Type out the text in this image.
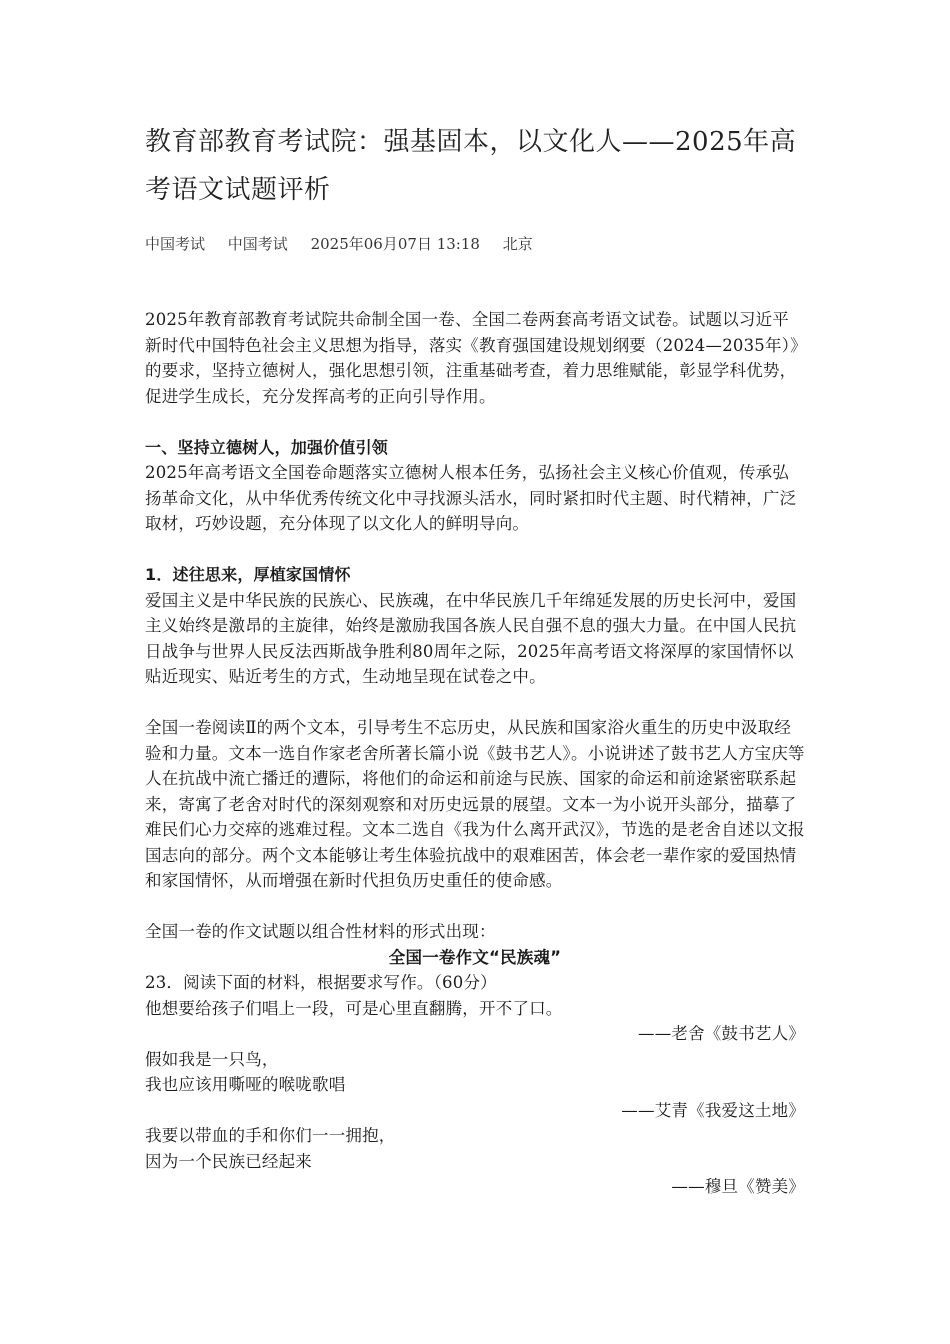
教育部教育考试院：强基固本，以文化人——2025年高考语文试题评析
中国考试 中国考试 2025年06月07日 13:18 北京

2025年教育部教育考试院共命制全国一卷、全国二卷两套高考语文试卷。试题以习近平新时代中国特色社会主义思想为指导，落实《教育强国建设规划纲要（2024—2035年）》的要求，坚持立德树人，强化思想引领，注重基础考查，着力思维赋能，彰显学科优势，促进学生成长，充分发挥高考的正向引导作用。

一、坚持立德树人，加强价值引领

2025年高考语文全国卷命题落实立德树人根本任务，弘扬社会主义核心价值观，传承弘扬革命文化，从中华优秀传统文化中寻找源头活水，同时紧扣时代主题、时代精神，广泛取材，巧妙设题，充分体现了以文化人的鲜明导向。

1．述往思来，厚植家国情怀

爱国主义是中华民族的民族心、民族魂，在中华民族几千年绵延发展的历史长河中，爱国主义始终是激昂的主旋律，始终是激励我国各族人民自强不息的强大力量。在中国人民抗日战争与世界人民反法西斯战争胜利80周年之际，2025年高考语文将深厚的家国情怀以贴近现实、贴近考生的方式，生动地呈现在试卷之中。

全国一卷阅读Ⅱ的两个文本，引导考生不忘历史，从民族和国家浴火重生的历史中汲取经验和力量。文本一选自作家老舍所著长篇小说《鼓书艺人》。小说讲述了鼓书艺人方宝庆等人在抗战中流亡播迁的遭际，将他们的命运和前途与民族、国家的命运和前途紧密联系起来，寄寓了老舍对时代的深刻观察和对历史远景的展望。文本一为小说开头部分，描摹了难民们心力交瘁的逃难过程。文本二选自《我为什么离开武汉》，节选的是老舍自述以文报国志向的部分。两个文本能够让考生体验抗战中的艰难困苦，体会老一辈作家的爱国热情和家国情怀，从而增强在新时代担负历史重任的使命感。

全国一卷的作文试题以组合性材料的形式出现：

全国一卷作文“民族魂”

23．阅读下面的材料，根据要求写作。（60分）

他想要给孩子们唱上一段，可是心里直翻腾，开不了口。

——老舍《鼓书艺人》

假如我是一只鸟，

我也应该用嘶哑的喉咙歌唱

——艾青《我爱这土地》

我要以带血的手和你们一一拥抱，

因为一个民族已经起来

——穆旦《赞美》
